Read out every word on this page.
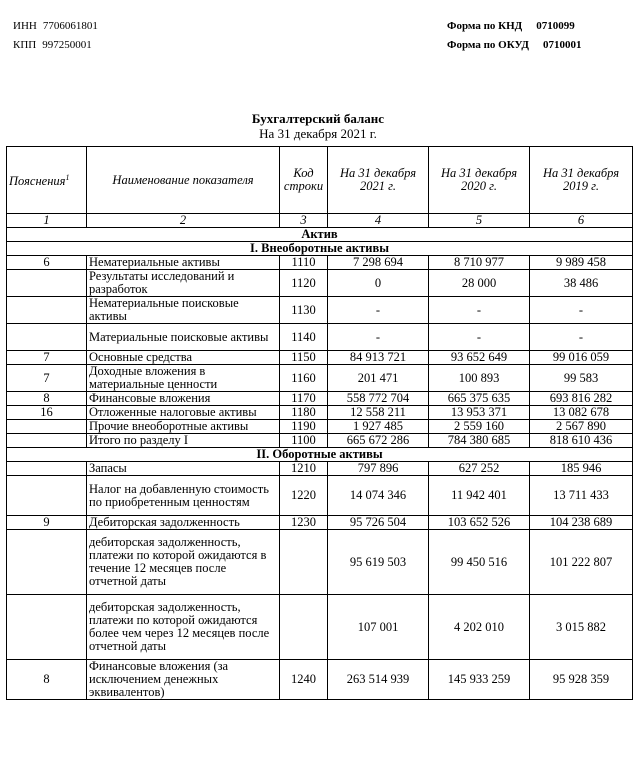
ИНН 7706061801
КПП 997250001
Форма по КНД 0710099
Форма по ОКУД 0710001
Бухгалтерский баланс
На 31 декабря 2021 г.
Пояснения$^1$	Наименование показателя	Код строки	На 31 декабря 2021 г.	На 31 декабря 2020 г.	На 31 декабря 2019 г.
1	2	3	4	5	6
Актив					
I. Внеоборотные активы					
6	Нематериальные активы	1110	7 298 694	8 710 977	9 989 458
	Результаты исследований и разработок	1120	0	28 000	38 486
	Нематериальные поисковые активы	1130	-	-	-
	Материальные поисковые активы	1140	-	-	-
7	Основные средства	1150	84 913 721	93 652 649	99 016 059
7	Доходные вложения в материальные ценности	1160	201 471	100 893	99 583
8	Финансовые вложения	1170	558 772 704	665 375 635	693 816 282
16	Отложенные налоговые активы	1180	12 558 211	13 953 371	13 082 678
	Прочие внеоборотные активы	1190	1 927 485	2 559 160	2 567 890
	Итого по разделу I	1100	665 672 286	784 380 685	818 610 436
II. Оборотные активы					
	Запасы	1210	797 896	627 252	185 946
	Налог на добавленную стоимость по приобретенным ценностям	1220	14 074 346	11 942 401	13 711 433
9	Дебиторская задолженность	1230	95 726 504	103 652 526	104 238 689
	дебиторская задолженность, платежи по которой ожидаются в течение 12 месяцев после отчетной даты		95 619 503	99 450 516	101 222 807
	дебиторская задолженность, платежи по которой ожидаются более чем через 12 месяцев после отчетной даты		107 001	4 202 010	3 015 882
8	Финансовые вложения (за исключением денежных эквивалентов)	1240	263 514 939	145 933 259	95 928 359
